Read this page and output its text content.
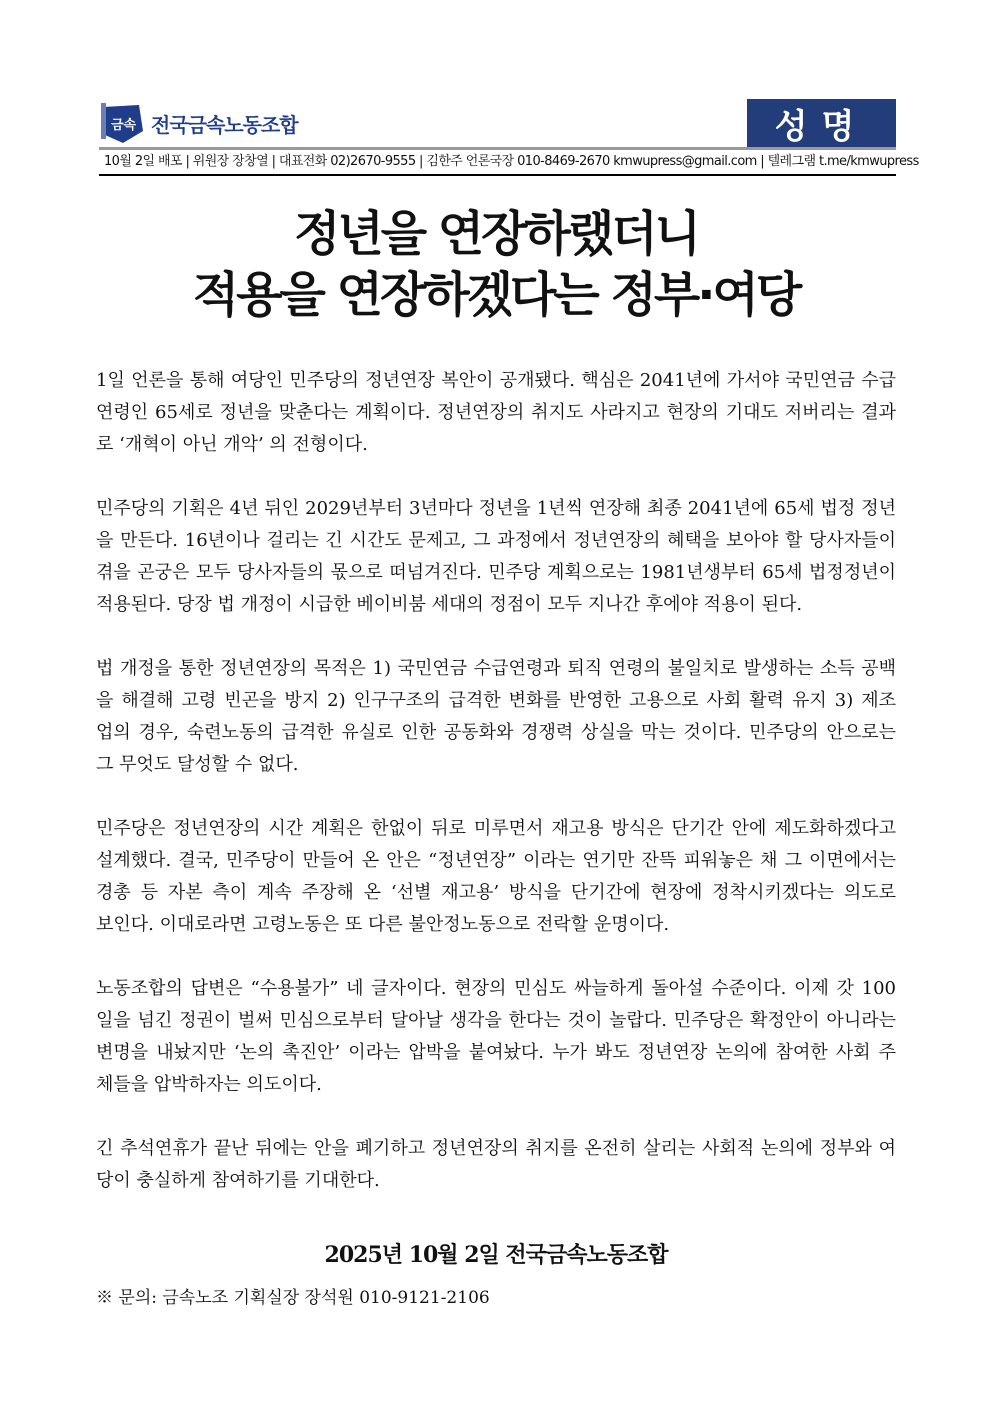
금속 전국금속노동조합	성명
10월 2일 배포 | 위원장 장창열 | 대표전화 02)2670-9555 | 김한주 언론국장 010-8469-2670 kmwupress@gmail.com | 텔레그램 t.me/kmwupress
정년을 연장하랬더니
적용을 연장하겠다는 정부·여당
1일 언론을 통해 여당인 민주당의 정년연장 복안이 공개됐다. 핵심은 2041년에 가서야 국민연금 수급
연령인 65세로 정년을 맞춘다는 계획이다. 정년연장의 취지도 사라지고 현장의 기대도 저버리는 결과
로 ‘개혁이 아닌 개악’ 의 전형이다.
민주당의 기획은 4년 뒤인 2029년부터 3년마다 정년을 1년씩 연장해 최종 2041년에 65세 법정 정년
을 만든다. 16년이나 걸리는 긴 시간도 문제고, 그 과정에서 정년연장의 혜택을 보아야 할 당사자들이
겪을 곤궁은 모두 당사자들의 몫으로 떠넘겨진다. 민주당 계획으로는 1981년생부터 65세 법정정년이
적용된다. 당장 법 개정이 시급한 베이비붐 세대의 정점이 모두 지나간 후에야 적용이 된다.
법 개정을 통한 정년연장의 목적은 1) 국민연금 수급연령과 퇴직 연령의 불일치로 발생하는 소득 공백
을 해결해 고령 빈곤을 방지 2) 인구구조의 급격한 변화를 반영한 고용으로 사회 활력 유지 3) 제조
업의 경우, 숙련노동의 급격한 유실로 인한 공동화와 경쟁력 상실을 막는 것이다. 민주당의 안으로는
그 무엇도 달성할 수 없다.
민주당은 정년연장의 시간 계획은 한없이 뒤로 미루면서 재고용 방식은 단기간 안에 제도화하겠다고
설계했다. 결국, 민주당이 만들어 온 안은 “정년연장” 이라는 연기만 잔뜩 피워놓은 채 그 이면에서는
경총 등 자본 측이 계속 주장해 온 ‘선별 재고용’ 방식을 단기간에 현장에 정착시키겠다는 의도로
보인다. 이대로라면 고령노동은 또 다른 불안정노동으로 전락할 운명이다.
노동조합의 답변은 “수용불가” 네 글자이다. 현장의 민심도 싸늘하게 돌아설 수준이다. 이제 갓 100
일을 넘긴 정권이 벌써 민심으로부터 달아날 생각을 한다는 것이 놀랍다. 민주당은 확정안이 아니라는
변명을 내놨지만 ‘논의 촉진안’ 이라는 압박을 붙여놨다. 누가 봐도 정년연장 논의에 참여한 사회 주
체들을 압박하자는 의도이다.
긴 추석연휴가 끝난 뒤에는 안을 폐기하고 정년연장의 취지를 온전히 살리는 사회적 논의에 정부와 여
당이 충실하게 참여하기를 기대한다.
2025년 10월 2일 전국금속노동조합
※ 문의: 금속노조 기획실장 장석원 010-9121-2106
